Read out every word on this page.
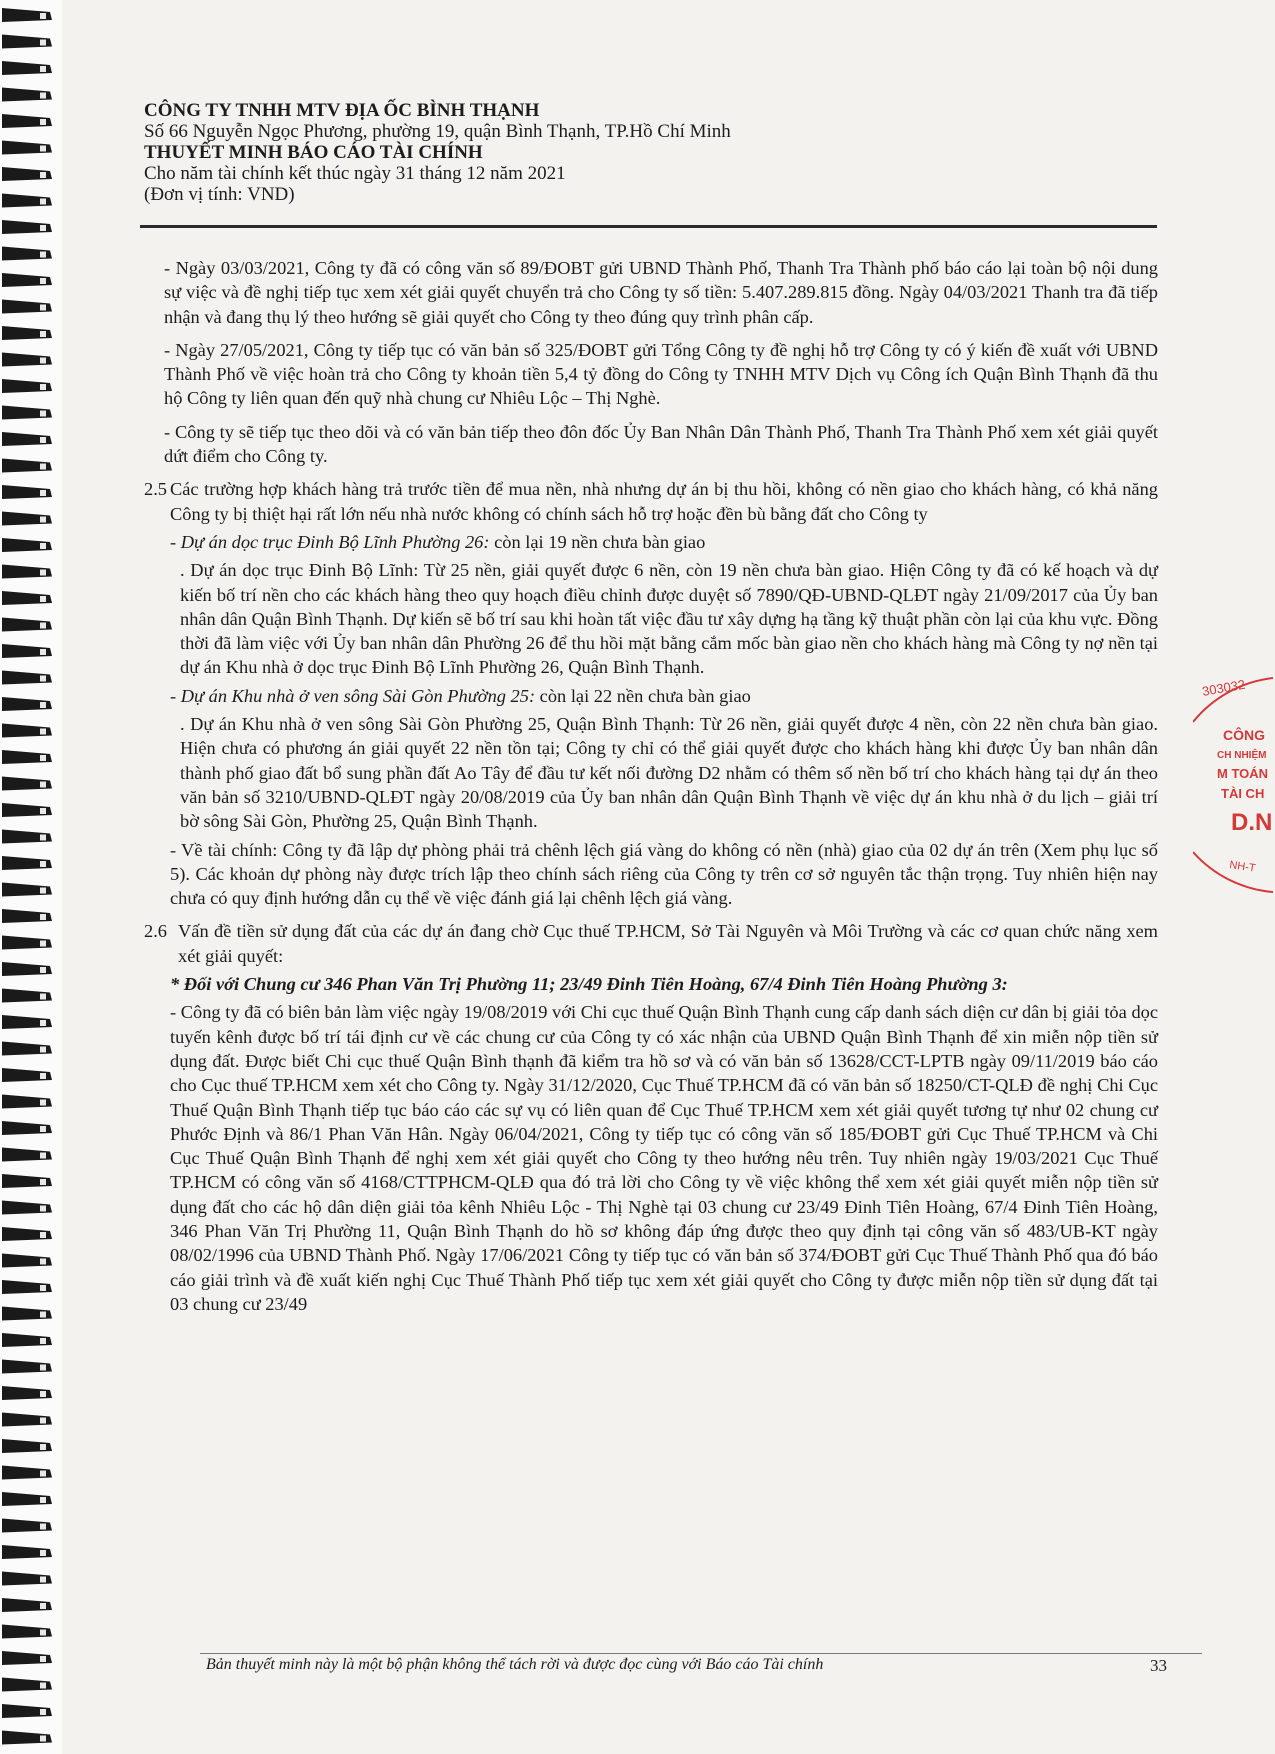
CÔNG TY TNHH MTV ĐỊA ỐC BÌNH THẠNH
Số 66 Nguyễn Ngọc Phương, phường 19, quận Bình Thạnh, TP.Hồ Chí Minh
THUYẾT MINH BÁO CÁO TÀI CHÍNH
Cho năm tài chính kết thúc ngày 31 tháng 12 năm 2021
(Đơn vị tính: VND)

- Ngày 03/03/2021, Công ty đã có công văn số 89/ĐOBT gửi UBND Thành Phố, Thanh Tra Thành phố báo cáo lại toàn bộ nội dung sự việc và đề nghị tiếp tục xem xét giải quyết chuyển trả cho Công ty số tiền: 5.407.289.815 đồng. Ngày 04/03/2021 Thanh tra đã tiếp nhận và đang thụ lý theo hướng sẽ giải quyết cho Công ty theo đúng quy trình phân cấp.

- Ngày 27/05/2021, Công ty tiếp tục có văn bản số 325/ĐOBT gửi Tổng Công ty đề nghị hỗ trợ Công ty có ý kiến đề xuất với UBND Thành Phố về việc hoàn trả cho Công ty khoản tiền 5,4 tỷ đồng do Công ty TNHH MTV Dịch vụ Công ích Quận Bình Thạnh đã thu hộ Công ty liên quan đến quỹ nhà chung cư Nhiêu Lộc – Thị Nghè.

- Công ty sẽ tiếp tục theo dõi và có văn bản tiếp theo đôn đốc Ủy Ban Nhân Dân Thành Phố, Thanh Tra Thành Phố xem xét giải quyết dứt điểm cho Công ty.

2.5 Các trường hợp khách hàng trả trước tiền để mua nền, nhà nhưng dự án bị thu hồi, không có nền giao cho khách hàng, có khả năng Công ty bị thiệt hại rất lớn nếu nhà nước không có chính sách hỗ trợ hoặc đền bù bằng đất cho Công ty
- Dự án dọc trục Đinh Bộ Lĩnh Phường 26: còn lại 19 nền chưa bàn giao

. Dự án dọc trục Đinh Bộ Lĩnh: Từ 25 nền, giải quyết được 6 nền, còn 19 nền chưa bàn giao. Hiện Công ty đã có kế hoạch và dự kiến bố trí nền cho các khách hàng theo quy hoạch điều chỉnh được duyệt số 7890/QĐ-UBND-QLĐT ngày 21/09/2017 của Ủy ban nhân dân Quận Bình Thạnh. Dự kiến sẽ bố trí sau khi hoàn tất việc đầu tư xây dựng hạ tầng kỹ thuật phần còn lại của khu vực. Đồng thời đã làm việc với Ủy ban nhân dân Phường 26 để thu hồi mặt bằng cắm mốc bàn giao nền cho khách hàng mà Công ty nợ nền tại dự án Khu nhà ở dọc trục Đinh Bộ Lĩnh Phường 26, Quận Bình Thạnh.

- Dự án Khu nhà ở ven sông Sài Gòn Phường 25: còn lại 22 nền chưa bàn giao

. Dự án Khu nhà ở ven sông Sài Gòn Phường 25, Quận Bình Thạnh: Từ 26 nền, giải quyết được 4 nền, còn 22 nền chưa bàn giao. Hiện chưa có phương án giải quyết 22 nền tồn tại; Công ty chỉ có thể giải quyết được cho khách hàng khi được Ủy ban nhân dân thành phố giao đất bổ sung phần đất Ao Tây để đầu tư kết nối đường D2 nhằm có thêm số nền bố trí cho khách hàng tại dự án theo văn bản số 3210/UBND-QLĐT ngày 20/08/2019 của Ủy ban nhân dân Quận Bình Thạnh về việc dự án khu nhà ở du lịch – giải trí bờ sông Sài Gòn, Phường 25, Quận Bình Thạnh.

- Về tài chính: Công ty đã lập dự phòng phải trả chênh lệch giá vàng do không có nền (nhà) giao của 02 dự án trên (Xem phụ lục số 5). Các khoản dự phòng này được trích lập theo chính sách riêng của Công ty trên cơ sở nguyên tắc thận trọng. Tuy nhiên hiện nay chưa có quy định hướng dẫn cụ thể về việc đánh giá lại chênh lệch giá vàng.

2.6 Vấn đề tiền sử dụng đất của các dự án đang chờ Cục thuế TP.HCM, Sở Tài Nguyên và Môi Trường và các cơ quan chức năng xem xét giải quyết:

* Đối với Chung cư 346 Phan Văn Trị Phường 11; 23/49 Đinh Tiên Hoàng, 67/4 Đinh Tiên Hoàng Phường 3:

- Công ty đã có biên bản làm việc ngày 19/08/2019 với Chi cục thuế Quận Bình Thạnh cung cấp danh sách diện cư dân bị giải tỏa dọc tuyến kênh được bố trí tái định cư về các chung cư của Công ty có xác nhận của UBND Quận Bình Thạnh để xin miễn nộp tiền sử dụng đất. Được biết Chi cục thuế Quận Bình thạnh đã kiểm tra hồ sơ và có văn bản số 13628/CCT-LPTB ngày 09/11/2019 báo cáo cho Cục thuế TP.HCM xem xét cho Công ty. Ngày 31/12/2020, Cục Thuế TP.HCM đã có văn bản số 18250/CT-QLĐ đề nghị Chi Cục Thuế Quận Bình Thạnh tiếp tục báo cáo các sự vụ có liên quan để Cục Thuế TP.HCM xem xét giải quyết tương tự như 02 chung cư Phước Định và 86/1 Phan Văn Hân. Ngày 06/04/2021, Công ty tiếp tục có công văn số 185/ĐOBT gửi Cục Thuế TP.HCM và Chi Cục Thuế Quận Bình Thạnh để nghị xem xét giải quyết cho Công ty theo hướng nêu trên. Tuy nhiên ngày 19/03/2021 Cục Thuế TP.HCM có công văn số 4168/CTTPHCM-QLĐ qua đó trả lời cho Công ty về việc không thể xem xét giải quyết miễn nộp tiền sử dụng đất cho các hộ dân diện giải tỏa kênh Nhiêu Lộc - Thị Nghè tại 03 chung cư 23/49 Đinh Tiên Hoàng, 67/4 Đinh Tiên Hoàng, 346 Phan Văn Trị Phường 11, Quận Bình Thạnh do hồ sơ không đáp ứng được theo quy định tại công văn số 483/UB-KT ngày 08/02/1996 của UBND Thành Phố. Ngày 17/06/2021 Công ty tiếp tục có văn bản số 374/ĐOBT gửi Cục Thuế Thành Phố qua đó báo cáo giải trình và đề xuất kiến nghị Cục Thuế Thành Phố tiếp tục xem xét giải quyết cho Công ty được miễn nộp tiền sử dụng đất tại 03 chung cư 23/49

Bản thuyết minh này là một bộ phận không thể tách rời và được đọc cùng với Báo cáo Tài chính	33
303032
CÔNG
CH NHIỆM
M TOÁN
TÀI CH
D.N
NH-T
